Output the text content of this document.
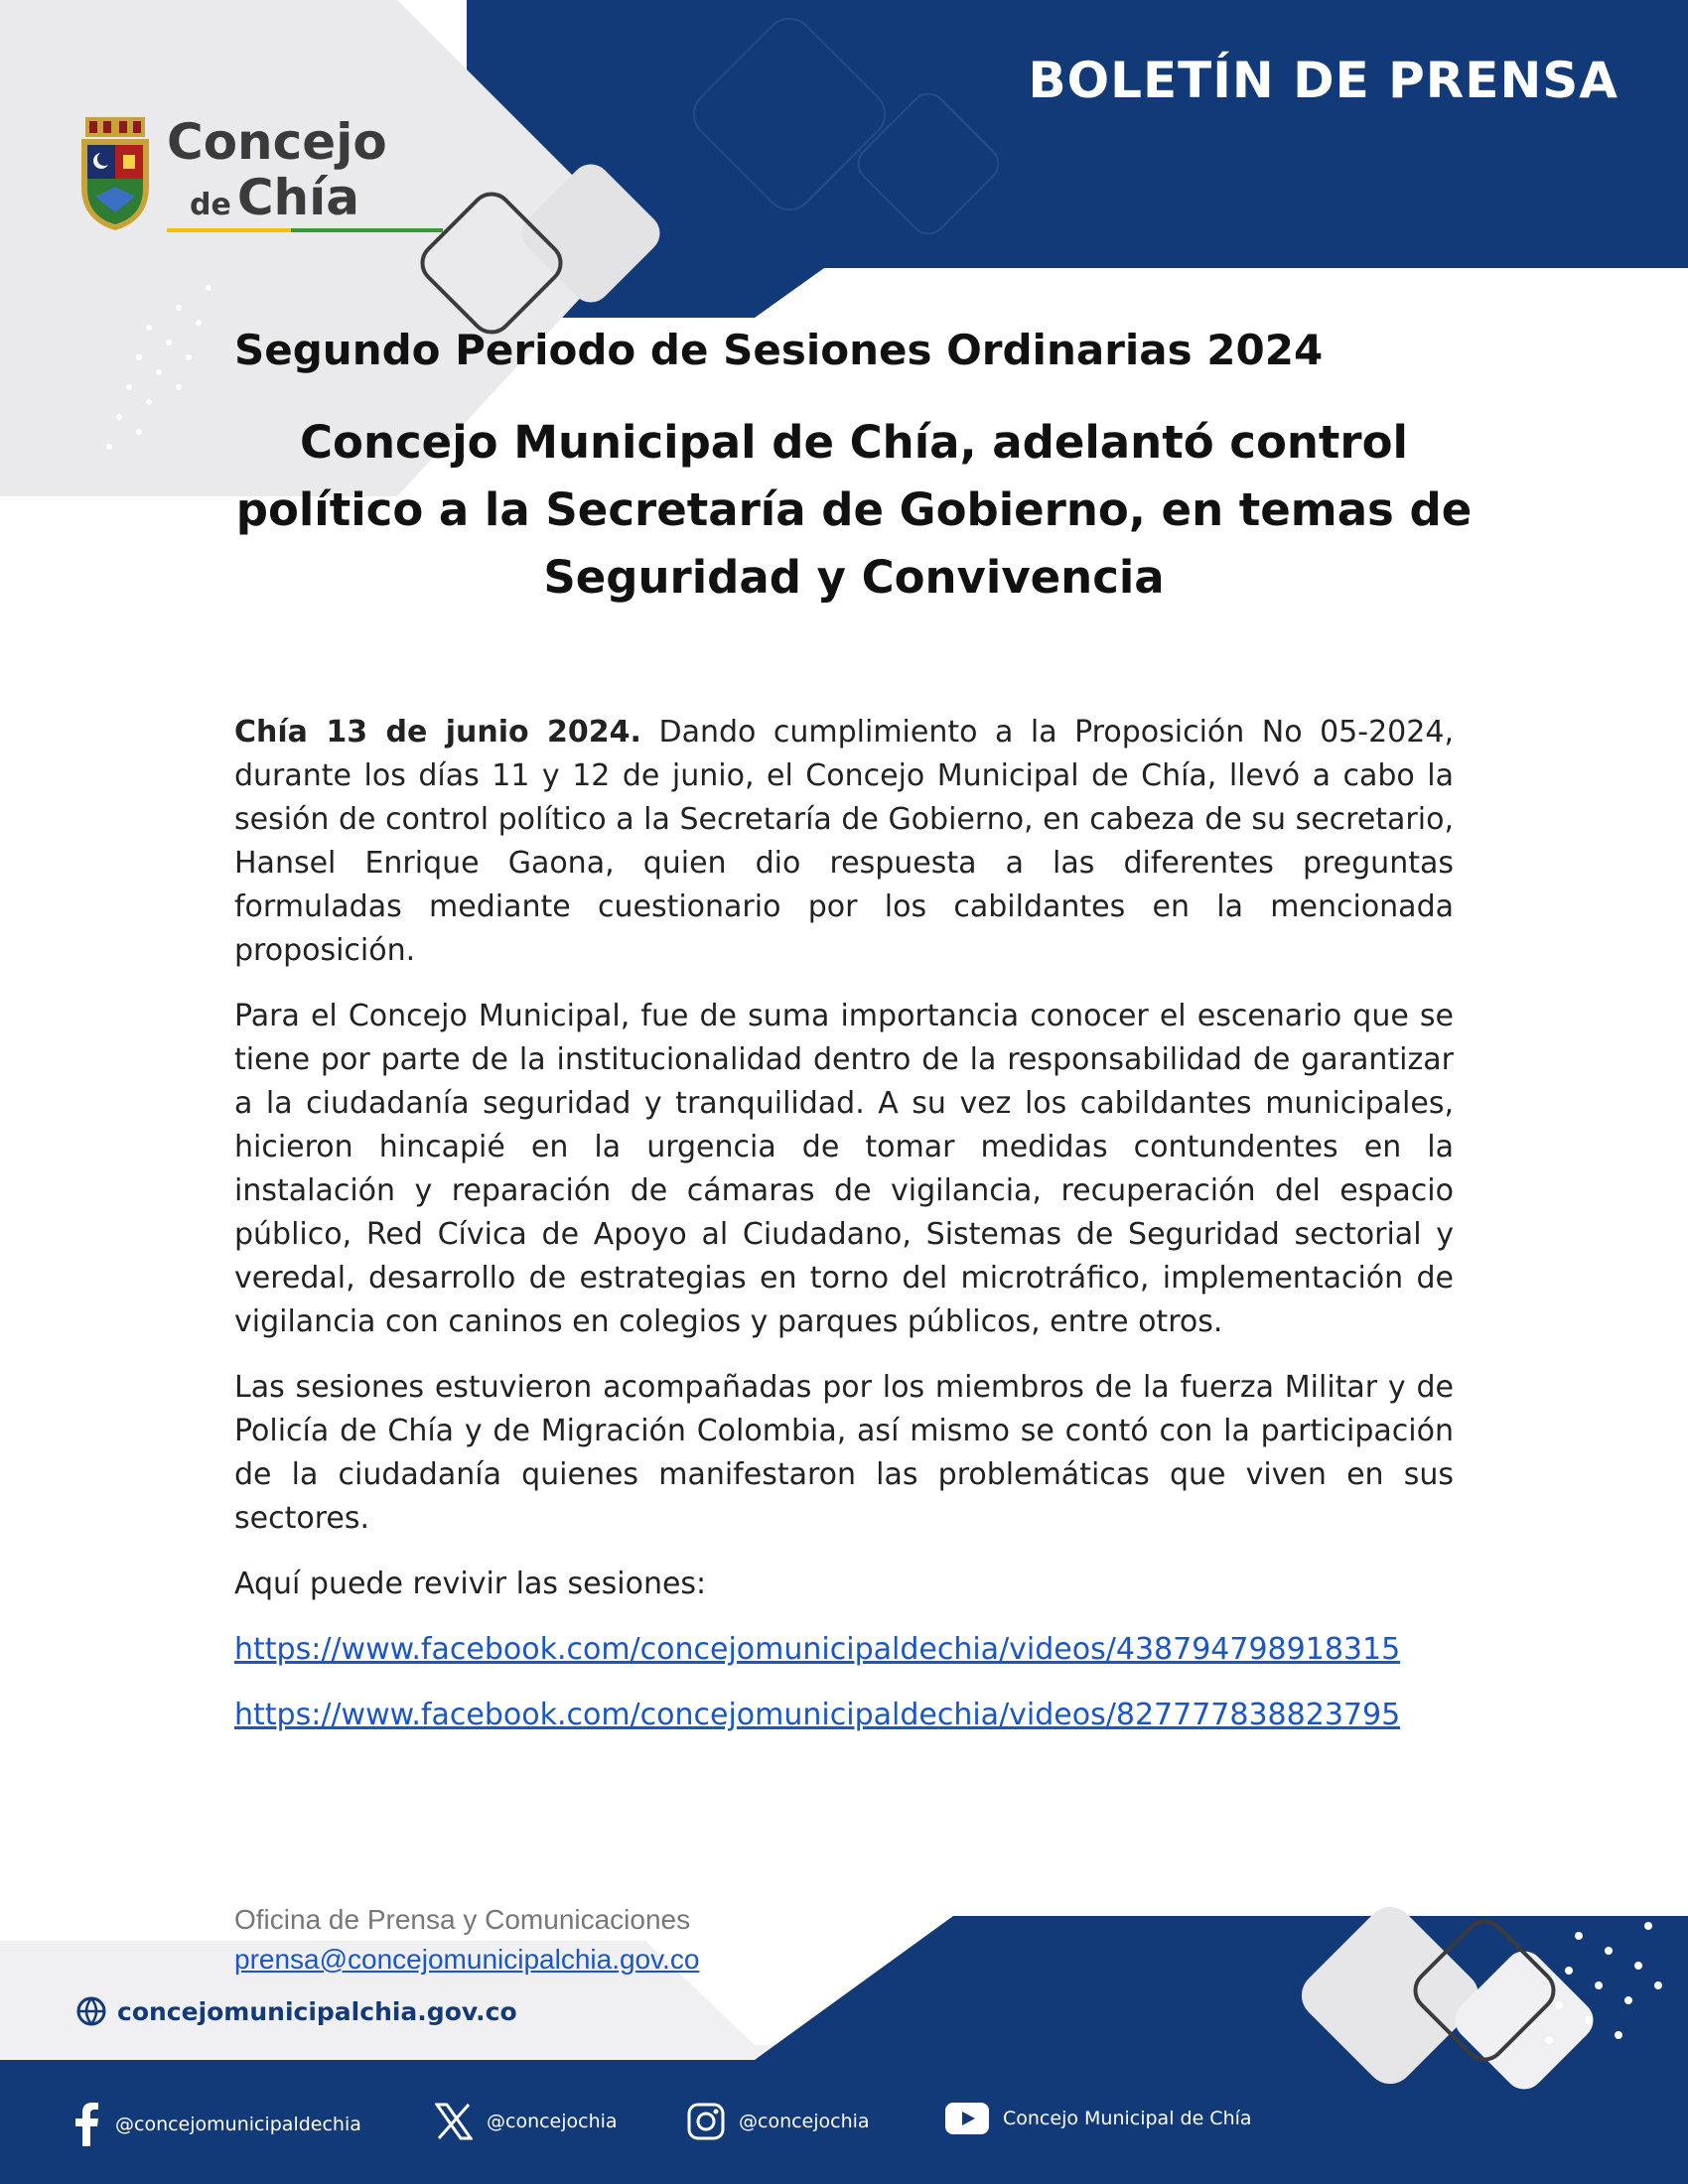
BOLETÍN DE PRENSA
Concejo
de Chía
Segundo Periodo de Sesiones Ordinarias 2024
Concejo Municipal de Chía, adelantó control político a la Secretaría de Gobierno, en temas de Seguridad y Convivencia

Chía 13 de junio 2024. Dando cumplimiento a la Proposición No 05-2024, durante los días 11 y 12 de junio, el Concejo Municipal de Chía, llevó a cabo la sesión de control político a la Secretaría de Gobierno, en cabeza de su secretario, Hansel Enrique Gaona, quien dio respuesta a las diferentes preguntas formuladas mediante cuestionario por los cabildantes en la mencionada proposición.

Para el Concejo Municipal, fue de suma importancia conocer el escenario que se tiene por parte de la institucionalidad dentro de la responsabilidad de garantizar a la ciudadanía seguridad y tranquilidad. A su vez los cabildantes municipales, hicieron hincapié en la urgencia de tomar medidas contundentes en la instalación y reparación de cámaras de vigilancia, recuperación del espacio público, Red Cívica de Apoyo al Ciudadano, Sistemas de Seguridad sectorial y veredal, desarrollo de estrategias en torno del microtráfico, implementación de vigilancia con caninos en colegios y parques públicos, entre otros.

Las sesiones estuvieron acompañadas por los miembros de la fuerza Militar y de Policía de Chía y de Migración Colombia, así mismo se contó con la participación de la ciudadanía quienes manifestaron las problemáticas que viven en sus sectores.

Aquí puede revivir las sesiones:

https://www.facebook.com/concejomunicipaldechia/videos/438794798918315

https://www.facebook.com/concejomunicipaldechia/videos/827777838823795

Oficina de Prensa y Comunicaciones
prensa@concejomunicipalchia.gov.co
concejomunicipalchia.gov.co
@concejomunicipaldechia	@concejochia	@concejochia	Concejo Municipal de Chía
